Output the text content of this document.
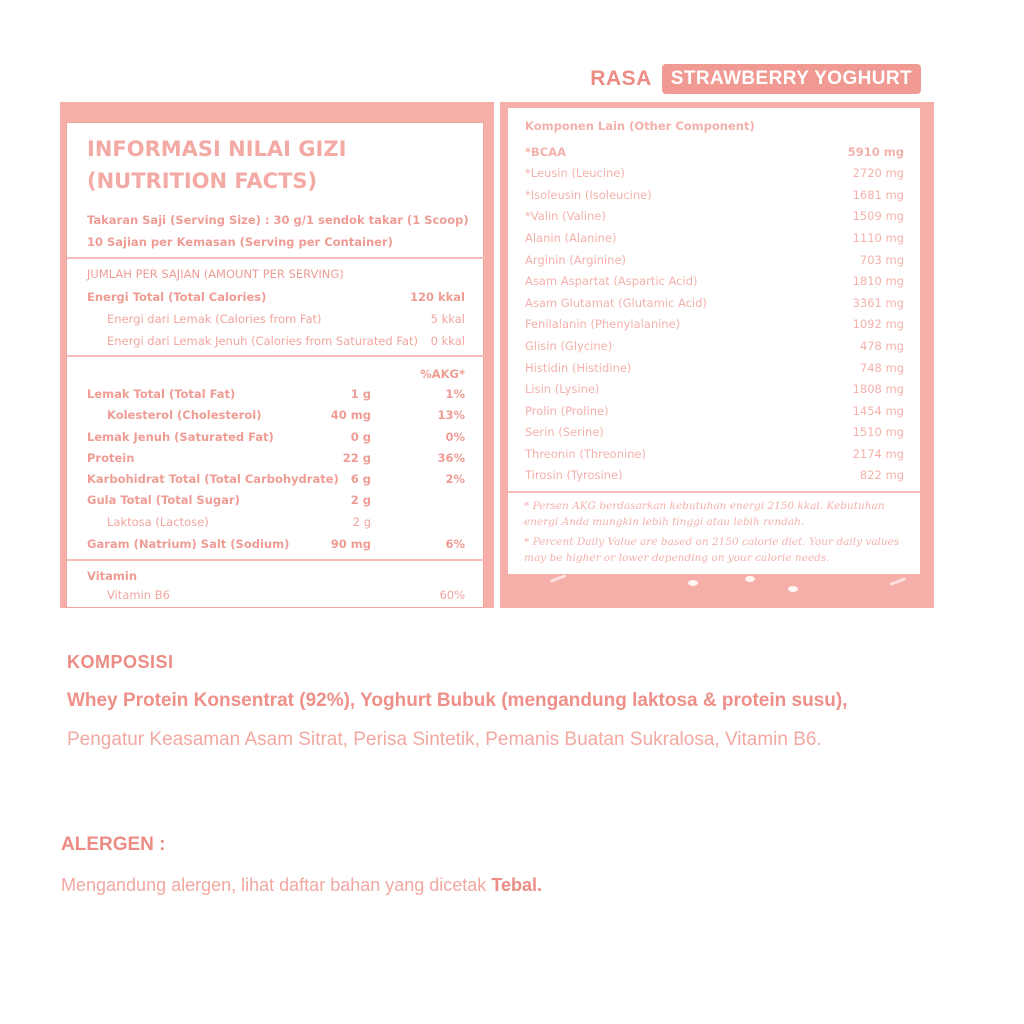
RASA	STRAWBERRY YOGHURT
INFORMASI NILAI GIZI
(NUTRITION FACTS)
Takaran Saji (Serving Size) : 30 g/1 sendok takar (1 Scoop)
10 Sajian per Kemasan (Serving per Container)
JUMLAH PER SAJIAN (AMOUNT PER SERVING)
Energi Total (Total Calories)	120 kkal
Energi dari Lemak (Calories from Fat)	5 kkal
Energi dari Lemak Jenuh (Calories from Saturated Fat) 0 kkal
%AKG*
Lemak Total (Total Fat)	1 g	1%
Kolesterol (Cholesterol)	40 mg	13%
Lemak Jenuh (Saturated Fat)	0 g	0%
Protein	22 g	36%
Karbohidrat Total (Total Carbohydrate) 6 g	2%
Gula Total (Total Sugar)	2 g
Laktosa (Lactose)	2 g
Garam (Natrium) Salt (Sodium)	90 mg	6%
Vitamin
Vitamin B6	60%
Komponen Lain (Other Component)
*BCAA	5910 mg
*Leusin (Leucine)	2720 mg
*Isoleusin (Isoleucine)	1681 mg
*Valin (Valine)	1509 mg
Alanin (Alanine)	1110 mg
Arginin (Arginine)	703 mg
Asam Aspartat (Aspartic Acid)	1810 mg
Asam Glutamat (Glutamic Acid)	3361 mg
Fenilalanin (Phenylalanine)	1092 mg
Glisin (Glycine)	478 mg
Histidin (Histidine)	748 mg
Lisin (Lysine)	1808 mg
Prolin (Proline)	1454 mg
Serin (Serine)	1510 mg
Threonin (Threonine)	2174 mg
Tirosin (Tyrosine)	822 mg
* Persen AKG berdasarkan kebutuhan energi 2150 kkal. Kebutuhan energi Anda mungkin lebih tinggi atau lebih rendah.
* Percent Daily Value are based on 2150 calorie diet. Your daily values may be higher or lower depending on your calorie needs.
KOMPOSISI
Whey Protein Konsentrat (92%), Yoghurt Bubuk (mengandung laktosa & protein susu),
Pengatur Keasaman Asam Sitrat, Perisa Sintetik, Pemanis Buatan Sukralosa, Vitamin B6.
ALERGEN :
Mengandung alergen, lihat daftar bahan yang dicetak Tebal.
